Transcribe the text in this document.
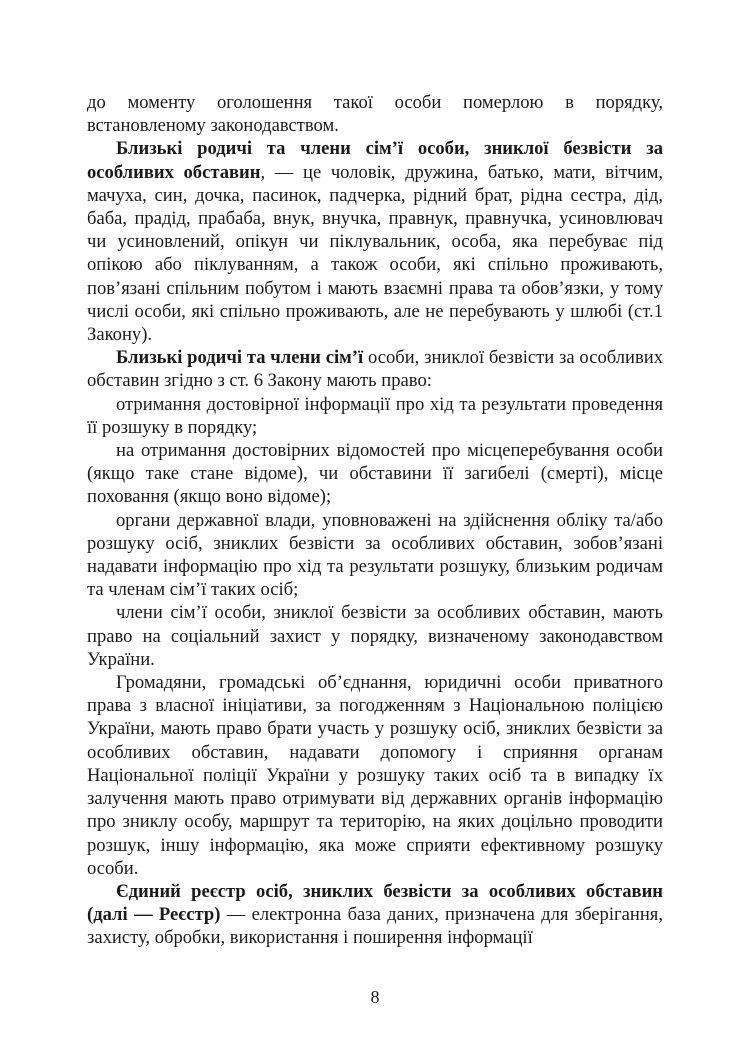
до моменту оголошення такої особи померлою в порядку, встановленому законодавством.

Близькі родичі та члени сім’ї особи, зниклої безвісти за особливих обставин, — це чоловік, дружина, батько, мати, вітчим, мачуха, син, дочка, пасинок, падчерка, рідний брат, рідна сестра, дід, баба, прадід, прабаба, внук, внучка, правнук, правнучка, усиновлювач чи усиновлений, опікун чи піклувальник, особа, яка перебуває під опікою або піклуванням, а також особи, які спільно проживають, пов’язані спільним побутом і мають взаємні права та обов’язки, у тому числі особи, які спільно проживають, але не перебувають у шлюбі (ст.1 Закону).

Близькі родичі та члени сім’ї особи, зниклої безвісти за особливих обставин згідно з ст. 6 Закону мають право:

отримання достовірної інформації про хід та результати проведення її розшуку в порядку;

на отримання достовірних відомостей про місцеперебування особи (якщо таке стане відоме), чи обставини її загибелі (смерті), місце поховання (якщо воно відоме);

органи державної влади, уповноважені на здійснення обліку та/або розшуку осіб, зниклих безвісти за особливих обставин, зобов’язані надавати інформацію про хід та результати розшуку, близьким родичам та членам сім’ї таких осіб;

члени сім’ї особи, зниклої безвісти за особливих обставин, мають право на соціальний захист у порядку, визначеному законодавством України.

Громадяни, громадські об’єднання, юридичні особи приватного права з власної ініціативи, за погодженням з Національною поліцією України, мають право брати участь у розшуку осіб, зниклих безвісти за особливих обставин, надавати допомогу і сприяння органам Національної поліції України у розшуку таких осіб та в випадку їх залучення мають право отримувати від державних органів інформацію про зниклу особу, маршрут та територію, на яких доцільно проводити розшук, іншу інформацію, яка може сприяти ефективному розшуку особи.

Єдиний реєстр осіб, зниклих безвісти за особливих обставин (далі — Реєстр) — електронна база даних, призначена для зберігання, захисту, обробки, використання і поширення інформації

8
